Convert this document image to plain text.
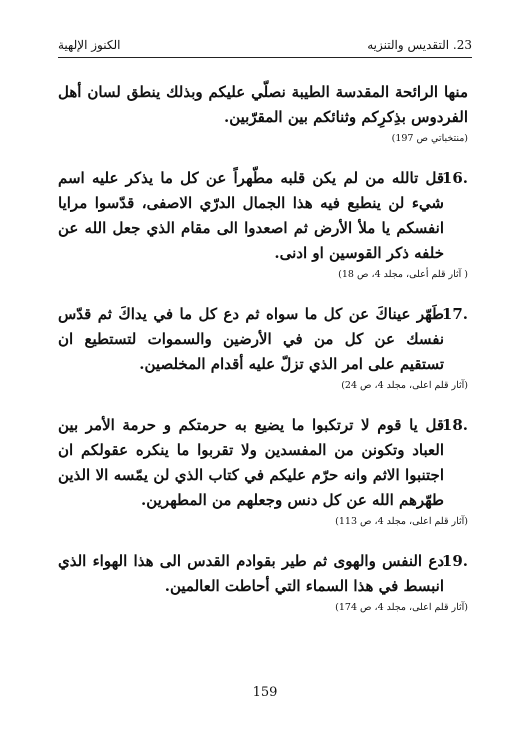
23. التقديس والتنزيه
الكنوز الإلهية

منها الرائحة المقدسة الطيبة نصلّي عليكم وبذلك ينطق لسان أهل الفردوس بذِكرِكم وثنائكم بين المقرّبين.

(منتخباتي ص 197)

16.
قل تالله من لم يكن قلبه مطّهراً عن كل ما يذكر عليه اسم شيء لن ينطبع فيه هذا الجمال الدرّي الاصفى، قدّسوا مرايا انفسكم يا ملأ الأرض ثم اصعدوا الى مقام الذي جعل الله عن خلفه ذكر القوسين او ادنى.

( آثار قلم أعلى، مجلد 4، ص 18)

17.
طَهّر عيناكَ عن كل ما سواه ثم دع كل ما في يداكَ ثم قدّس نفسك عن كل من في الأرضين والسموات لتستطيع ان تستقيم على امر الذي تزلّ عليه أقدام المخلصين.

(آثار قلم اعلى، مجلد 4، ص 24)

18.
قل يا قوم لا ترتكبوا ما يضيع به حرمتكم و حرمة الأمر بين العباد وتكونن من المفسدين ولا تقربوا ما ينكره عقولكم ان اجتنبوا الاثم وانه حرّم عليكم في كتاب الذي لن يمّسه الا الذين طهّرهم الله عن كل دنس وجعلهم من المطهرين.

(آثار قلم اعلى، مجلد 4، ص 113)

19.
دع النفس والهوى ثم طير بقوادم القدس الى هذا الهواء الذي انبسط في هذا السماء التي أحاطت العالمين.

(آثار قلم اعلى، مجلد 4، ص 174)

159
